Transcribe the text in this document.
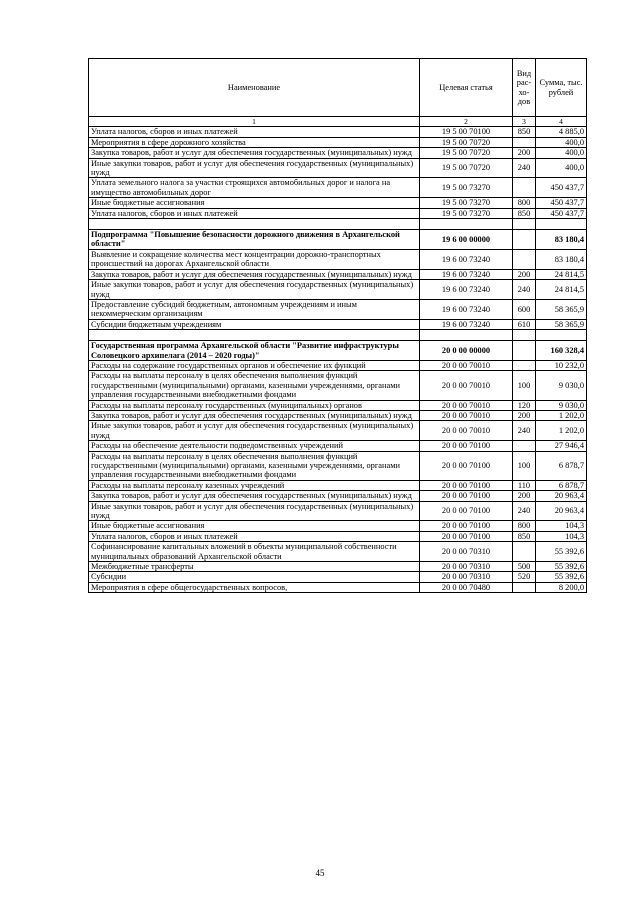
Наименование	Целевая статья	Вид рас-хо-дов	Сумма, тыс. рублей
1	2	3	4
Уплата налогов, сборов и иных платежей	19 5 00 70100	850	4 885,0
Мероприятия в сфере дорожного хозяйства	19 5 00 70720		400,0
Закупка товаров, работ и услуг для обеспечения государственных (муниципальных) нужд	19 5 00 70720	200	400,0
Иные закупки товаров, работ и услуг для обеспечения государственных (муниципальных) нужд	19 5 00 70720	240	400,0
Уплата земельного налога за участки строящихся автомобильных дорог и налога на имущество автомобильных дорог	19 5 00 73270		450 437,7
Иные бюджетные ассигнования	19 5 00 73270	800	450 437,7
Уплата налогов, сборов и иных платежей	19 5 00 73270	850	450 437,7

Подпрограмма "Повышение безопасности дорожного движения в Архангельской области"	19 6 00 00000		83 180,4
Выявление и сокращение количества мест концентрации дорожно-транспортных происшествий на дорогах Архангельской области	19 6 00 73240		83 180,4
Закупка товаров, работ и услуг для обеспечения государственных (муниципальных) нужд	19 6 00 73240	200	24 814,5
Иные закупки товаров, работ и услуг для обеспечения государственных (муниципальных) нужд	19 6 00 73240	240	24 814,5
Предоставление субсидий бюджетным, автономным учреждениям и иным некоммерческим организациям	19 6 00 73240	600	58 365,9
Субсидии бюджетным учреждениям	19 6 00 73240	610	58 365,9

Государственная программа Архангельской области "Развитие инфраструктуры Соловецкого архипелага (2014 – 2020 годы)"	20 0 00 00000		160 328,4
Расходы на содержание государственных органов и обеспечение их функций	20 0 00 70010		10 232,0
Расходы на выплаты персоналу в целях обеспечения выполнения функций государственными (муниципальными) органами, казенными учреждениями, органами управления государственными внебюджетными фондами	20 0 00 70010	100	9 030,0
Расходы на выплаты персоналу государственных (муниципальных) органов	20 0 00 70010	120	9 030,0
Закупка товаров, работ и услуг для обеспечения государственных (муниципальных) нужд	20 0 00 70010	200	1 202,0
Иные закупки товаров, работ и услуг для обеспечения государственных (муниципальных) нужд	20 0 00 70010	240	1 202,0
Расходы на обеспечение деятельности подведомственных учреждений	20 0 00 70100		27 946,4
Расходы на выплаты персоналу в целях обеспечения выполнения функций государственными (муниципальными) органами, казенными учреждениями, органами управления государственными внебюджетными фондами	20 0 00 70100	100	6 878,7
Расходы на выплаты персоналу казенных учреждений	20 0 00 70100	110	6 878,7
Закупка товаров, работ и услуг для обеспечения государственных (муниципальных) нужд	20 0 00 70100	200	20 963,4
Иные закупки товаров, работ и услуг для обеспечения государственных (муниципальных) нужд	20 0 00 70100	240	20 963,4
Иные бюджетные ассигнования	20 0 00 70100	800	104,3
Уплата налогов, сборов и иных платежей	20 0 00 70100	850	104,3
Софинансирование капитальных вложений в объекты муниципальной собственности муниципальных образований Архангельской области	20 0 00 70310		55 392,6
Межбюджетные трансферты	20 0 00 70310	500	55 392,6
Субсидии	20 0 00 70310	520	55 392,6
Мероприятия в сфере общегосударственных вопросов,	20 0 00 70480		8 200,0
45
